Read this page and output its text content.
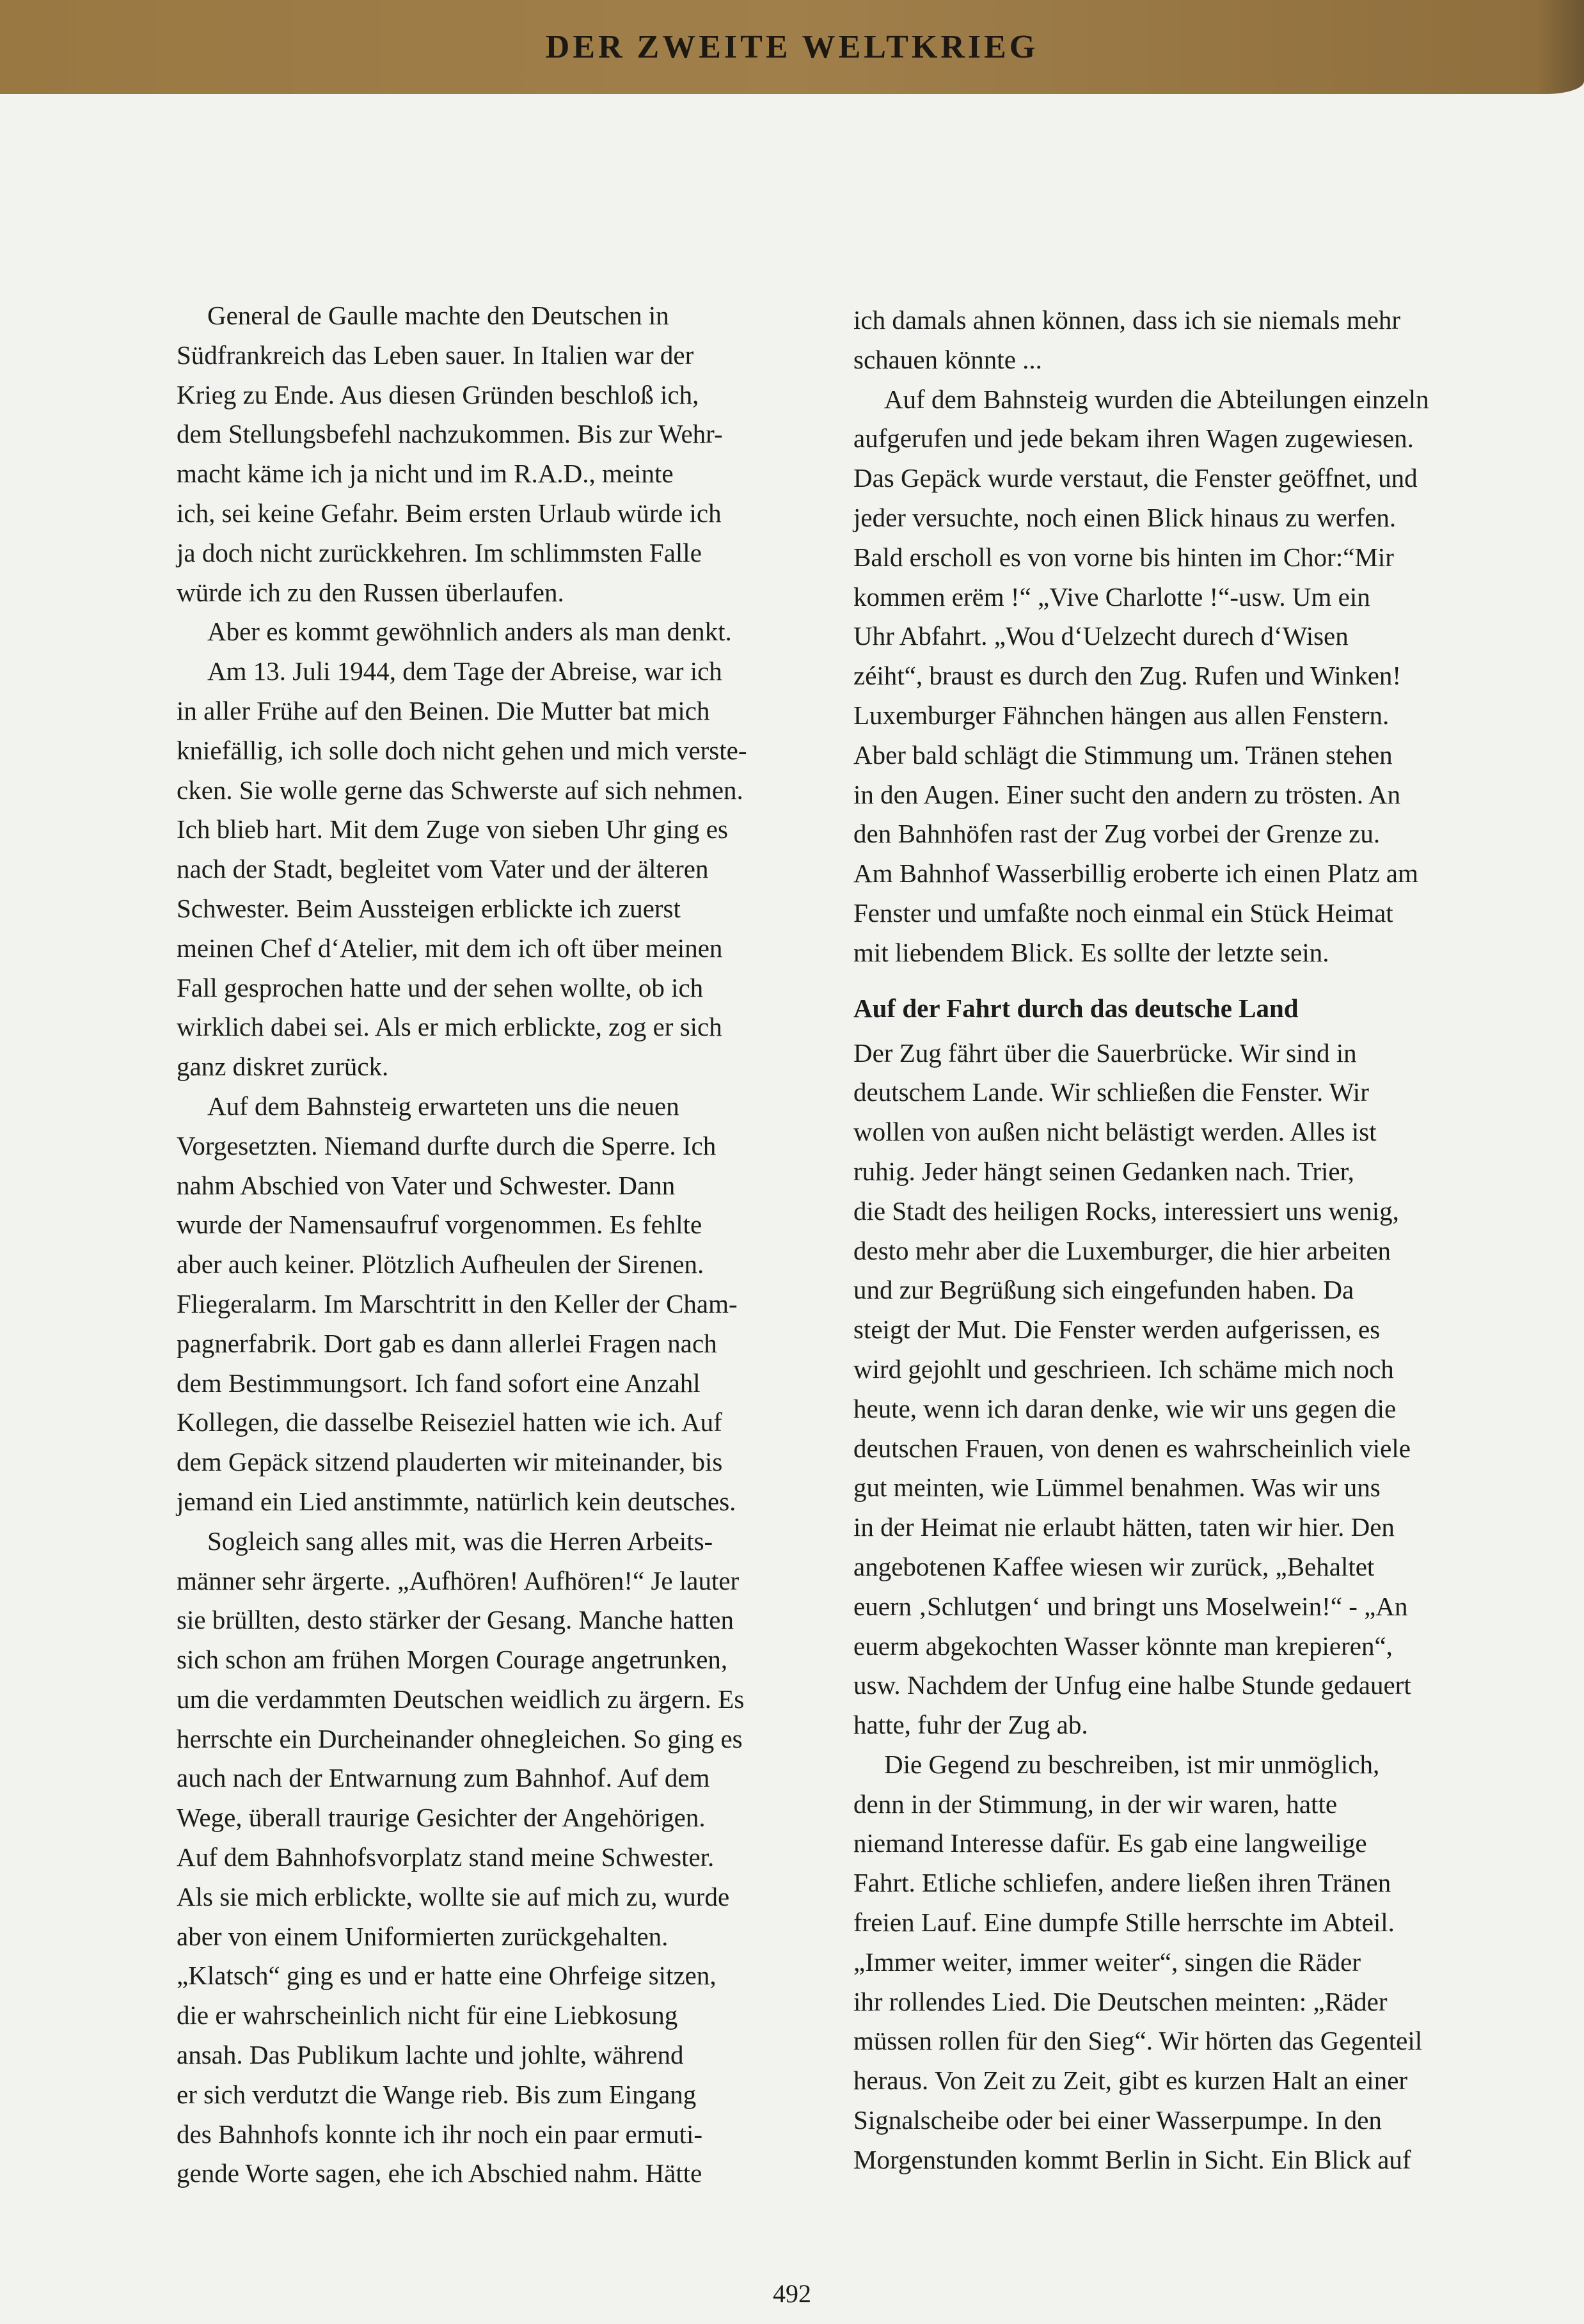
DER ZWEITE WELTKRIEG
General de Gaulle machte den Deutschen in
Südfrankreich das Leben sauer. In Italien war der
Krieg zu Ende. Aus diesen Gründen beschloß ich,
dem Stellungsbefehl nachzukommen. Bis zur Wehr-
macht käme ich ja nicht und im R.A.D., meinte
ich, sei keine Gefahr. Beim ersten Urlaub würde ich
ja doch nicht zurückkehren. Im schlimmsten Falle
würde ich zu den Russen überlaufen.
Aber es kommt gewöhnlich anders als man denkt.
Am 13. Juli 1944, dem Tage der Abreise, war ich
in aller Frühe auf den Beinen. Die Mutter bat mich
kniefällig, ich solle doch nicht gehen und mich verste-
cken. Sie wolle gerne das Schwerste auf sich nehmen.
Ich blieb hart. Mit dem Zuge von sieben Uhr ging es
nach der Stadt, begleitet vom Vater und der älteren
Schwester. Beim Aussteigen erblickte ich zuerst
meinen Chef d‘Atelier, mit dem ich oft über meinen
Fall gesprochen hatte und der sehen wollte, ob ich
wirklich dabei sei. Als er mich erblickte, zog er sich
ganz diskret zurück.
Auf dem Bahnsteig erwarteten uns die neuen
Vorgesetzten. Niemand durfte durch die Sperre. Ich
nahm Abschied von Vater und Schwester. Dann
wurde der Namensaufruf vorgenommen. Es fehlte
aber auch keiner. Plötzlich Aufheulen der Sirenen.
Fliegeralarm. Im Marschtritt in den Keller der Cham-
pagnerfabrik. Dort gab es dann allerlei Fragen nach
dem Bestimmungsort. Ich fand sofort eine Anzahl
Kollegen, die dasselbe Reiseziel hatten wie ich. Auf
dem Gepäck sitzend plauderten wir miteinander, bis
jemand ein Lied anstimmte, natürlich kein deutsches.
Sogleich sang alles mit, was die Herren Arbeits-
männer sehr ärgerte. „Aufhören! Aufhören!“ Je lauter
sie brüllten, desto stärker der Gesang. Manche hatten
sich schon am frühen Morgen Courage angetrunken,
um die verdammten Deutschen weidlich zu ärgern. Es
herrschte ein Durcheinander ohnegleichen. So ging es
auch nach der Entwarnung zum Bahnhof. Auf dem
Wege, überall traurige Gesichter der Angehörigen.
Auf dem Bahnhofsvorplatz stand meine Schwester.
Als sie mich erblickte, wollte sie auf mich zu, wurde
aber von einem Uniformierten zurückgehalten.
„Klatsch“ ging es und er hatte eine Ohrfeige sitzen,
die er wahrscheinlich nicht für eine Liebkosung
ansah. Das Publikum lachte und johlte, während
er sich verdutzt die Wange rieb. Bis zum Eingang
des Bahnhofs konnte ich ihr noch ein paar ermuti-
gende Worte sagen, ehe ich Abschied nahm. Hätte
ich damals ahnen können, dass ich sie niemals mehr
schauen könnte ...
Auf dem Bahnsteig wurden die Abteilungen einzeln
aufgerufen und jede bekam ihren Wagen zugewiesen.
Das Gepäck wurde verstaut, die Fenster geöffnet, und
jeder versuchte, noch einen Blick hinaus zu werfen.
Bald erscholl es von vorne bis hinten im Chor:“Mir
kommen erëm !“ „Vive Charlotte !“-usw. Um ein
Uhr Abfahrt. „Wou d‘Uelzecht durech d‘Wisen
zéiht“, braust es durch den Zug. Rufen und Winken!
Luxemburger Fähnchen hängen aus allen Fenstern.
Aber bald schlägt die Stimmung um. Tränen stehen
in den Augen. Einer sucht den andern zu trösten. An
den Bahnhöfen rast der Zug vorbei der Grenze zu.
Am Bahnhof Wasserbillig eroberte ich einen Platz am
Fenster und umfaßte noch einmal ein Stück Heimat
mit liebendem Blick. Es sollte der letzte sein.
Auf der Fahrt durch das deutsche Land
Der Zug fährt über die Sauerbrücke. Wir sind in
deutschem Lande. Wir schließen die Fenster. Wir
wollen von außen nicht belästigt werden. Alles ist
ruhig. Jeder hängt seinen Gedanken nach. Trier,
die Stadt des heiligen Rocks, interessiert uns wenig,
desto mehr aber die Luxemburger, die hier arbeiten
und zur Begrüßung sich eingefunden haben. Da
steigt der Mut. Die Fenster werden aufgerissen, es
wird gejohlt und geschrieen. Ich schäme mich noch
heute, wenn ich daran denke, wie wir uns gegen die
deutschen Frauen, von denen es wahrscheinlich viele
gut meinten, wie Lümmel benahmen. Was wir uns
in der Heimat nie erlaubt hätten, taten wir hier. Den
angebotenen Kaffee wiesen wir zurück, „Behaltet
euern ‚Schlutgen‘ und bringt uns Moselwein!“ - „An
euerm abgekochten Wasser könnte man krepieren“,
usw. Nachdem der Unfug eine halbe Stunde gedauert
hatte, fuhr der Zug ab.
Die Gegend zu beschreiben, ist mir unmöglich,
denn in der Stimmung, in der wir waren, hatte
niemand Interesse dafür. Es gab eine langweilige
Fahrt. Etliche schliefen, andere ließen ihren Tränen
freien Lauf. Eine dumpfe Stille herrschte im Abteil.
„Immer weiter, immer weiter“, singen die Räder
ihr rollendes Lied. Die Deutschen meinten: „Räder
müssen rollen für den Sieg“. Wir hörten das Gegenteil
heraus. Von Zeit zu Zeit, gibt es kurzen Halt an einer
Signalscheibe oder bei einer Wasserpumpe. In den
Morgenstunden kommt Berlin in Sicht. Ein Blick auf
492
